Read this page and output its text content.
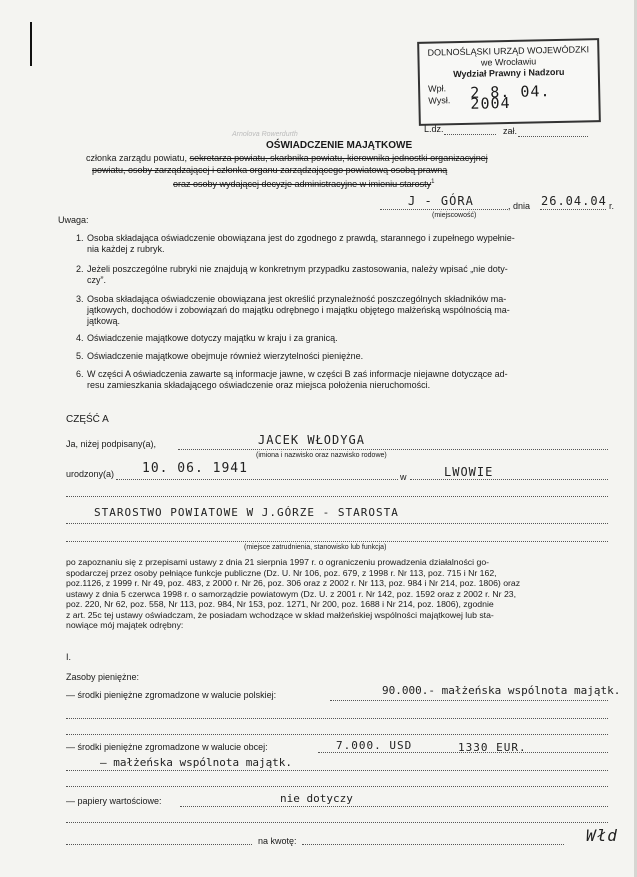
DOLNOŚLĄSKI URZĄD WOJEWÓDZKI
we Wrocławiu
Wydział Prawny i Nadzoru
Wpł.
Wysł. 2 8. 04. 2004
L.dz.	zał.
Arnolova Rowerdurth
OŚWIADCZENIE MAJĄTKOWE
członka zarządu powiatu, sekretarza powiatu, skarbnika powiatu, kierownika jednostki organizacyjnej
powiatu, osoby zarządzającej i członka organu zarządzającego powiatową osobą prawną
oraz osoby wydającej decyzje administracyjne w imieniu starosty$^1$
J - GÓRA	, dnia 26.04.04 r.
(miejscowość)
Uwaga:
1. Osoba składająca oświadczenie obowiązana jest do zgodnego z prawdą, starannego i zupełnego wypełnie-
nia każdej z rubryk.
2. Jeżeli poszczególne rubryki nie znajdują w konkretnym przypadku zastosowania, należy wpisać „nie doty-
czy”.
3. Osoba składająca oświadczenie obowiązana jest określić przynależność poszczególnych składników ma-
jątkowych, dochodów i zobowiązań do majątku odrębnego i majątku objętego małżeńską wspólnością ma-
jątkową.
4. Oświadczenie majątkowe dotyczy majątku w kraju i za granicą.
5. Oświadczenie majątkowe obejmuje również wierzytelności pieniężne.
6. W części A oświadczenia zawarte są informacje jawne, w części B zaś informacje niejawne dotyczące ad-
resu zamieszkania składającego oświadczenie oraz miejsca położenia nieruchomości.
CZĘŚĆ A
Ja, niżej podpisany(a),	JACEK WŁODYGA
(imiona i nazwisko oraz nazwisko rodowe)
urodzony(a) 10. 06. 1941
w	LWOWIE
STAROSTWO POWIATOWE W J.GÓRZE - STAROSTA
(miejsce zatrudnienia, stanowisko lub funkcja)
po zapoznaniu się z przepisami ustawy z dnia 21 sierpnia 1997 r. o ograniczeniu prowadzenia działalności go-
spodarczej przez osoby pełniące funkcje publiczne (Dz. U. Nr 106, poz. 679, z 1998 r. Nr 113, poz. 715 i Nr 162,
poz.1126, z 1999 r. Nr 49, poz. 483, z 2000 r. Nr 26, poz. 306 oraz z 2002 r. Nr 113, poz. 984 i Nr 214, poz. 1806) oraz
ustawy z dnia 5 czerwca 1998 r. o samorządzie powiatowym (Dz. U. z 2001 r. Nr 142, poz. 1592 oraz z 2002 r. Nr 23,
poz. 220, Nr 62, poz. 558, Nr 113, poz. 984, Nr 153, poz. 1271, Nr 200, poz. 1688 i Nr 214, poz. 1806), zgodnie
z art. 25c tej ustawy oświadczam, że posiadam wchodzące w skład małżeńskiej wspólności majątkowej lub sta-
nowiące mój majątek odrębny:
I.
Zasoby pieniężne:
— środki pieniężne zgromadzone w walucie polskiej:	90.000.- małżeńska wspólnota majątk.
— środki pieniężne zgromadzone w walucie obcej:	7.000. USD	1330 EUR.
— małżeńska wspólnota majątk.
— papiery wartościowe:	nie dotyczy
na kwotę:	Włd
